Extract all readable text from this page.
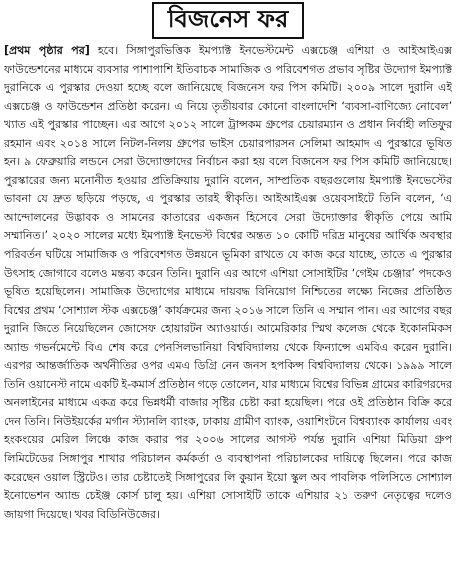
বিজনেস ফর

[প্রথম পৃষ্ঠার পর] হবে। সিঙ্গাপুরভিত্তিক ইমপ্যাক্ট ইনভেস্টমেন্ট এক্সচেঞ্জ এশিয়া ও আইআইএক্স ফাউন্ডেশনের মাধ্যমে ব্যবসার পাশাপাশি ইতিবাচক সামাজিক ও পরিবেশগত প্রভাব সৃষ্টির উদ্যোগ ইমপ্যাক্ট দুরানিকে এ পুরস্কার দেওয়া হচ্ছে বলে জানিয়েছে বিজনেস ফর পিস কমিটি। ২০০৯ সালে দুরানি এই এক্সচেঞ্জ ও ফাউন্ডেশন প্রতিষ্ঠা করেন। এ নিয়ে তৃতীয়বার কোনো বাংলাদেশি ‘ব্যবসা-বাণিজ্যে নোবেল’ খ্যাত এই পুরস্কার পাচ্ছেন। এর আগে ২০১২ সালে ট্রান্সকম গ্রুপের চেয়ারম্যান ও প্রধান নির্বাহী লতিফুর রহমান এবং ২০১৪ সালে নিটল-নিলয় গ্রুপের ভাইস চেয়ারপারসন সেলিমা আহমাদ এ পুরস্কারে ভূষিত হন। ৯ ফেব্রুয়ারি লন্ডনে সেরা উদ্যোক্তাদের নির্বাচন করা হয় বলে বিজনেস ফর পিস কমিটি জানিয়েছে। পুরস্কারের জন্য মনোনীত হওয়ার প্রতিক্রিয়ায় দুরানি বলেন, সাম্প্রতিক বছরগুলোয় ইমপ্যাক্ট ইনভেস্টের ভাবনা যে দ্রুত ছড়িয়ে পড়ছে, এ পুরস্কার তারই স্বীকৃতি। আইআইএক্স ওয়েবসাইটে তিনি বলেন, ‘এ আন্দোলনের উদ্ভাবক ও সামনের কাতারের একজন হিসেবে সেরা উদ্যোক্তার স্বীকৃতি পেয়ে আমি সম্মানিত।’ ২০২০ সালের মধ্যে ইমপ্যাক্ট ইনভেস্ট বিশ্বের অন্তত ১০ কোটি দরিদ্র মানুষের আর্থিক অবস্থার পরিবর্তন ঘটিয়ে সামাজিক ও পরিবেশগত উন্নয়নে ভূমিকা রাখতে যে কাজ করে যাচ্ছে, তাতে এ পুরস্কার উৎসাহ জোগাবে বলেও মন্তব্য করেন তিনি। দুরানি এর আগে এশিয়া সোসাইটির ‘গেইম চেঞ্জার’ পদকেও ভূষিত হয়েছিলেন। সামাজিক উদ্যোগের মাধ্যমে দায়বদ্ধ বিনিয়োগ নিশ্চিতের লক্ষ্যে নিজের প্রতিষ্ঠিত বিশ্বের প্রথম ‘সোশ্যাল স্টক এক্সচেঞ্জ’ কার্যক্রমের জন্য ২০১৬ সালে তিনি এ সম্মান পান। এর আগের বছর দুরানি জিতে নিয়েছিলেন জোসেফ হোয়ারটন অ্যাওয়ার্ড। আমেরিকার স্মিথ কলেজ থেকে ইকোনমিকস অ্যান্ড গভর্নমেন্টে বিএ শেষ করে পেনসিলভানিয়া বিশ্ববিদ্যালয় থেকে ফিন্যান্সে এমবিএ করেন দুরানি। এরপর আন্তর্জাতিক অর্থনীতির ওপর এমএ ডিগ্রি নেন জনস হপকিন্স বিশ্ববিদ্যালয় থেকে। ১৯৯৯ সালে তিনি ওয়ানেস্ট নামে একটি ই-কমার্স প্রতিষ্ঠান গড়ে তোলেন, যার মাধ্যমে বিশ্বের বিভিন্ন গ্রামের কারিগরদের অনলাইনের মাধ্যমে একত্র করে ভিন্নধর্মী বাজার সৃষ্টির চেষ্টা করা হয়েছিল। পরে ওই প্রতিষ্ঠান বিক্রি করে দেন তিনি। নিউইয়র্কের মর্গান স্ট্যানলি ব্যাংক, ঢাকায় গ্রামীণ ব্যাংক, ওয়াশিংটনে বিশ্বব্যাংক কার্যালয় এবং হংকংয়ের মেরিল লিঞ্চে কাজ করার পর ২০০৬ সালের আগস্ট পর্যন্ত দুরানি এশিয়া মিডিয়া গ্রুপ লিমিটেডের সিঙ্গাপুর শাখার পরিচালন কর্মকর্তা ও ব্যবস্থাপনা পরিচালকের দায়িত্বে ছিলেন। পরে কাজ করেছেন ওয়াল স্ট্রিটেও। তার চেষ্টাতেই সিঙ্গাপুরের লি কুয়ান ইয়ো স্কুল অব পাবলিক পলিসিতে সোশ্যাল ইনোভেশন অ্যান্ড চেইঞ্জ কোর্স চালু হয়। এশিয়া সোসাইটি তাকে এশিয়ার ২১ তরুণ নেতৃত্বের দলেও জায়গা দিয়েছে। খবর বিডিনিউজের।
